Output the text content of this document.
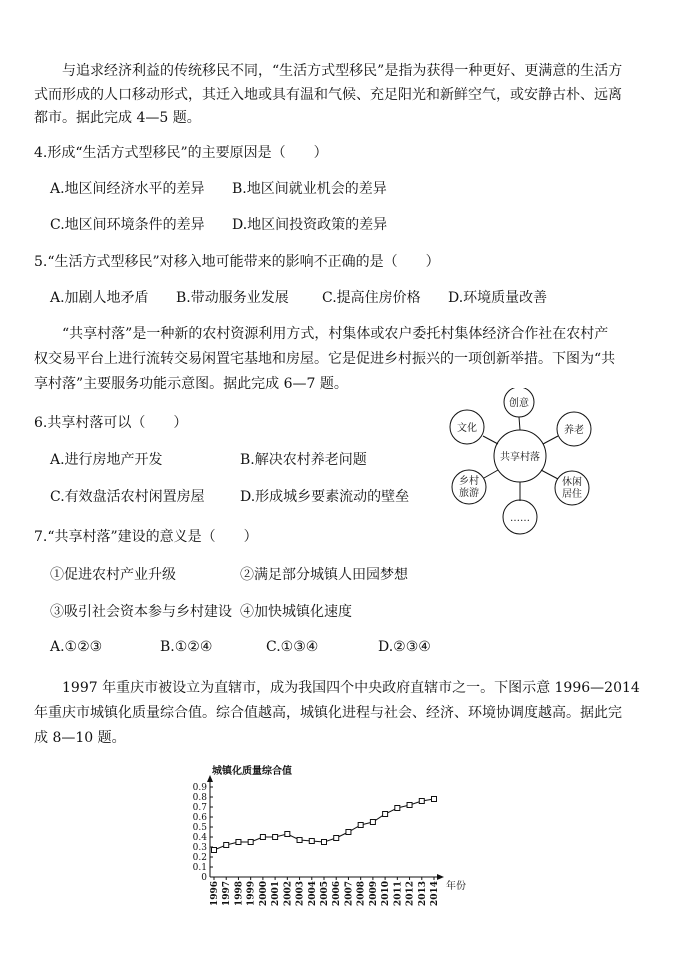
与追求经济利益的传统移民不同，“生活方式型移民”是指为获得一种更好、更满意的生活方
式而形成的人口移动形式，其迁入地或具有温和气候、充足阳光和新鲜空气，或安静古朴、远离
都市。据此完成 4—5 题。
4.形成“生活方式型移民”的主要原因是（　　）
A.地区间经济水平的差异 B.地区间就业机会的差异
C.地区间环境条件的差异 D.地区间投资政策的差异
5.“生活方式型移民”对移入地可能带来的影响不正确的是（　　）
A.加剧人地矛盾 B.带动服务业发展 C.提高住房价格 D.环境质量改善
“共享村落”是一种新的农村资源利用方式，村集体或农户委托村集体经济合作社在农村产
权交易平台上进行流转交易闲置宅基地和房屋。它是促进乡村振兴的一项创新举措。下图为“共
享村落”主要服务功能示意图。据此完成 6—7 题。
6.共享村落可以（　　）
A.进行房地产开发	B.解决农村养老问题
C.有效盘活农村闲置房屋	D.形成城乡要素流动的壁垒
共享村落
创意
养老
休闲
居住
……
乡村
旅游
文化
7.“共享村落”建设的意义是（　　）
①促进农村产业升级	②满足部分城镇人田园梦想
③吸引社会资本参与乡村建设 ④加快城镇化速度
A.①②③	B.①②④	C.①③④	D.②③④
1997 年重庆市被设立为直辖市，成为我国四个中央政府直辖市之一。下图示意 1996—2014
年重庆市城镇化质量综合值。综合值越高，城镇化进程与社会、经济、环境协调度越高。据此完
成 8—10 题。
0
0.1
0.2
0.3
0.4
0.5
0.6
0.7
0.8
0.9
1996 1997 1998 1999 2000 2001 2002 2003 2004 2005 2006 2007 2008 2009 2010 2011 2012 2013 2014
城镇化质量综合值
年份
